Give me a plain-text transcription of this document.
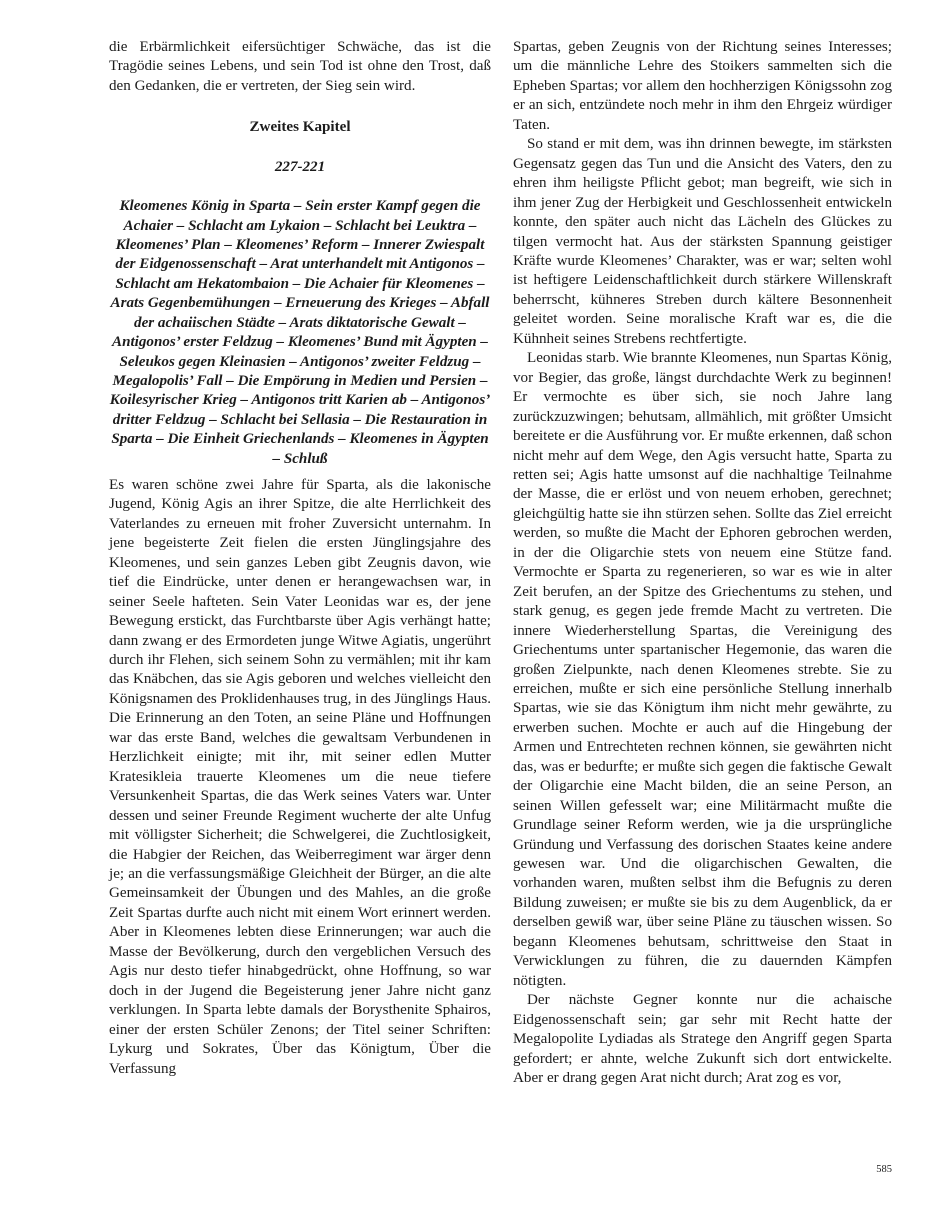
die Erbärmlichkeit eifersüchtiger Schwäche, das ist die Tragödie seines Lebens, und sein Tod ist ohne den Trost, daß den Gedanken, die er vertreten, der Sieg sein wird.

Zweites Kapitel
227-221
Kleomenes König in Sparta – Sein erster Kampf gegen die Achaier – Schlacht am Lykaion – Schlacht bei Leuktra – Kleomenes’ Plan – Kleomenes’ Reform – Innerer Zwiespalt der Eidgenossenschaft – Arat unterhandelt mit Antigonos – Schlacht am Hekatombaion – Die Achaier für Kleomenes – Arats Gegenbemühungen – Erneuerung des Krieges – Abfall der achaiischen Städte – Arats diktatorische Gewalt – Antigonos’ erster Feldzug – Kleomenes’ Bund mit Ägypten – Seleukos gegen Kleinasien – Antigonos’ zweiter Feldzug – Megalopolis’ Fall – Die Empörung in Medien und Persien – Koilesyrischer Krieg – Antigonos tritt Karien ab – Antigonos’ dritter Feldzug – Schlacht bei Sellasia – Die Restauration in Sparta – Die Einheit Griechenlands – Kleomenes in Ägypten – Schluß

Es waren schöne zwei Jahre für Sparta, als die lakonische Jugend, König Agis an ihrer Spitze, die alte Herrlichkeit des Vaterlandes zu erneuen mit froher Zuversicht unternahm. In jene begeisterte Zeit fielen die ersten Jünglingsjahre des Kleomenes, und sein ganzes Leben gibt Zeugnis davon, wie tief die Eindrücke, unter denen er herangewachsen war, in seiner Seele hafteten. Sein Vater Leonidas war es, der jene Bewegung erstickt, das Furchtbarste über Agis verhängt hatte; dann zwang er des Ermordeten junge Witwe Agiatis, ungerührt durch ihr Flehen, sich seinem Sohn zu vermählen; mit ihr kam das Knäbchen, das sie Agis geboren und welches vielleicht den Königsnamen des Proklidenhauses trug, in des Jünglings Haus. Die Erinnerung an den Toten, an seine Pläne und Hoffnungen war das erste Band, welches die gewaltsam Verbundenen in Herzlichkeit einigte; mit ihr, mit seiner edlen Mutter Kratesikleia trauerte Kleomenes um die neue tiefere Versunkenheit Spartas, die das Werk seines Vaters war. Unter dessen und seiner Freunde Regiment wucherte der alte Unfug mit völligster Sicherheit; die Schwelgerei, die Zuchtlosigkeit, die Habgier der Reichen, das Weiberregiment war ärger denn je; an die verfassungsmäßige Gleichheit der Bürger, an die alte Gemeinsamkeit der Übungen und des Mahles, an die große Zeit Spartas durfte auch nicht mit einem Wort erinnert werden. Aber in Kleomenes lebten diese Erinnerungen; war auch die Masse der Bevölkerung, durch den vergeblichen Versuch des Agis nur desto tiefer hinabgedrückt, ohne Hoffnung, so war doch in der Jugend die Begeisterung jener Jahre nicht ganz verklungen. In Sparta lebte damals der Borysthenite Sphairos, einer der ersten Schüler Zenons; der Titel seiner Schriften: Lykurg und Sokrates, Über das Königtum, Über die Verfassung

Spartas, geben Zeugnis von der Richtung seines Interesses; um die männliche Lehre des Stoikers sammelten sich die Epheben Spartas; vor allem den hochherzigen Königssohn zog er an sich, entzündete noch mehr in ihm den Ehrgeiz würdiger Taten.

So stand er mit dem, was ihn drinnen bewegte, im stärksten Gegensatz gegen das Tun und die Ansicht des Vaters, den zu ehren ihm heiligste Pflicht gebot; man begreift, wie sich in ihm jener Zug der Herbigkeit und Geschlossenheit entwickeln konnte, den später auch nicht das Lächeln des Glückes zu tilgen vermocht hat. Aus der stärksten Spannung geistiger Kräfte wurde Kleomenes’ Charakter, was er war; selten wohl ist heftigere Leidenschaftlichkeit durch stärkere Willenskraft beherrscht, kühneres Streben durch kältere Besonnenheit geleitet worden. Seine moralische Kraft war es, die die Kühnheit seines Strebens rechtfertigte.

Leonidas starb. Wie brannte Kleomenes, nun Spartas König, vor Begier, das große, längst durchdachte Werk zu beginnen! Er vermochte es über sich, sie noch Jahre lang zurückzuzwingen; behutsam, allmählich, mit größter Umsicht bereitete er die Ausführung vor. Er mußte erkennen, daß schon nicht mehr auf dem Wege, den Agis versucht hatte, Sparta zu retten sei; Agis hatte umsonst auf die nachhaltige Teilnahme der Masse, die er erlöst und von neuem erhoben, gerechnet; gleichgültig hatte sie ihn stürzen sehen. Sollte das Ziel erreicht werden, so mußte die Macht der Ephoren gebrochen werden, in der die Oligarchie stets von neuem eine Stütze fand. Vermochte er Sparta zu regenerieren, so war es wie in alter Zeit berufen, an der Spitze des Griechentums zu stehen, und stark genug, es gegen jede fremde Macht zu vertreten. Die innere Wiederherstellung Spartas, die Vereinigung des Griechentums unter spartanischer Hegemonie, das waren die großen Zielpunkte, nach denen Kleomenes strebte. Sie zu erreichen, mußte er sich eine persönliche Stellung innerhalb Spartas, wie sie das Königtum ihm nicht mehr gewährte, zu erwerben suchen. Mochte er auch auf die Hingebung der Armen und Entrechteten rechnen können, sie gewährten nicht das, was er bedurfte; er mußte sich gegen die faktische Gewalt der Oligarchie eine Macht bilden, die an seine Person, an seinen Willen gefesselt war; eine Militärmacht mußte die Grundlage seiner Reform werden, wie ja die ursprüngliche Gründung und Verfassung des dorischen Staates keine andere gewesen war. Und die oligarchischen Gewalten, die vorhanden waren, mußten selbst ihm die Befugnis zu deren Bildung zuweisen; er mußte sie bis zu dem Augenblick, da er derselben gewiß war, über seine Pläne zu täuschen wissen. So begann Kleomenes behutsam, schrittweise den Staat in Verwicklungen zu führen, die zu dauernden Kämpfen nötigten.

Der nächste Gegner konnte nur die achaische Eidgenossenschaft sein; gar sehr mit Recht hatte der Megalopolite Lydiadas als Stratege den Angriff gegen Sparta gefordert; er ahnte, welche Zukunft sich dort entwickelte. Aber er drang gegen Arat nicht durch; Arat zog es vor,

585
